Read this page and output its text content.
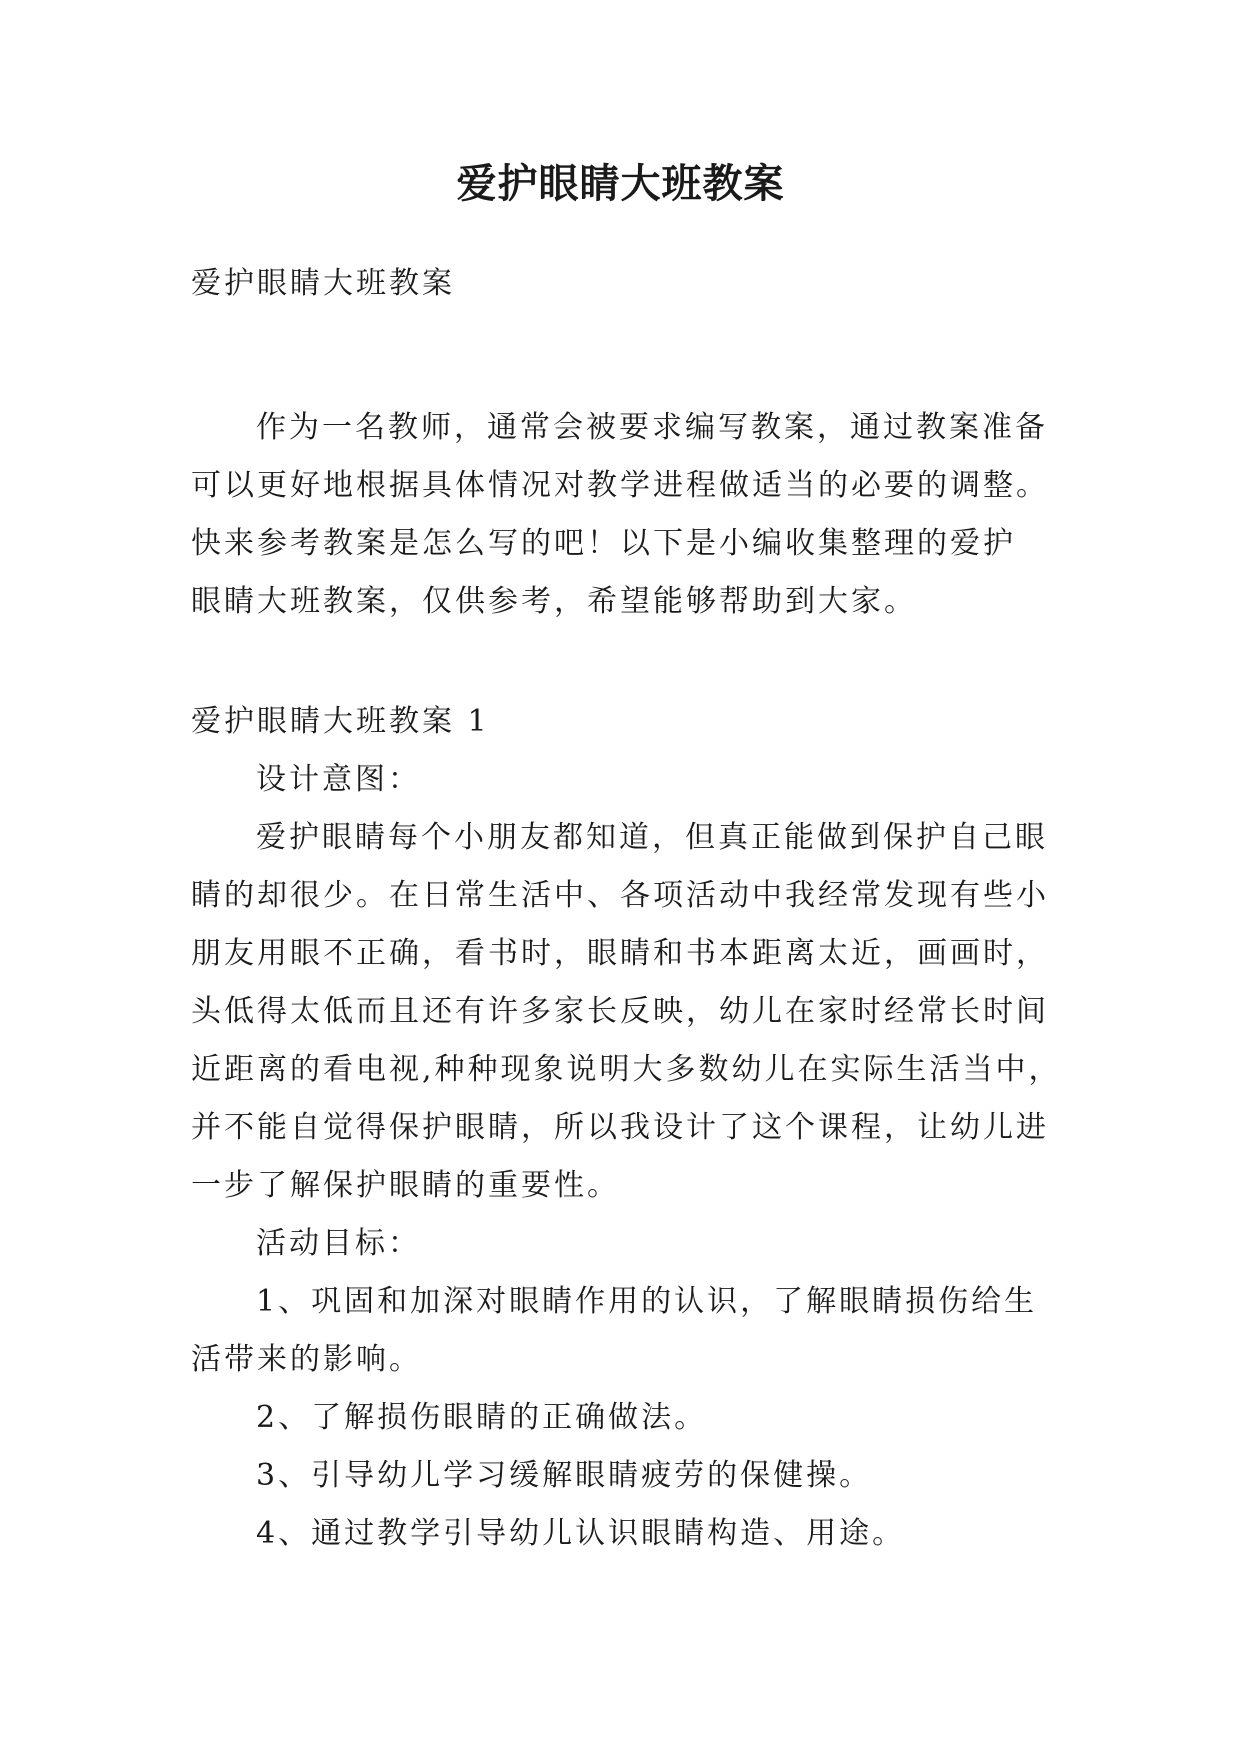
爱护眼睛大班教案

爱护眼睛大班教案

作为一名教师，通常会被要求编写教案，通过教案准备

可以更好地根据具体情况对教学进程做适当的必要的调整。

快来参考教案是怎么写的吧！以下是小编收集整理的爱护

眼睛大班教案，仅供参考，希望能够帮助到大家。

爱护眼睛大班教案 1

设计意图：

爱护眼睛每个小朋友都知道，但真正能做到保护自己眼

睛的却很少。在日常生活中、各项活动中我经常发现有些小

朋友用眼不正确，看书时，眼睛和书本距离太近，画画时，

头低得太低而且还有许多家长反映，幼儿在家时经常长时间

近距离的看电视,种种现象说明大多数幼儿在实际生活当中，

并不能自觉得保护眼睛，所以我设计了这个课程，让幼儿进

一步了解保护眼睛的重要性。

活动目标：

1、巩固和加深对眼睛作用的认识，了解眼睛损伤给生

活带来的影响。

2、了解损伤眼睛的正确做法。

3、引导幼儿学习缓解眼睛疲劳的保健操。

4、通过教学引导幼儿认识眼睛构造、用途。
